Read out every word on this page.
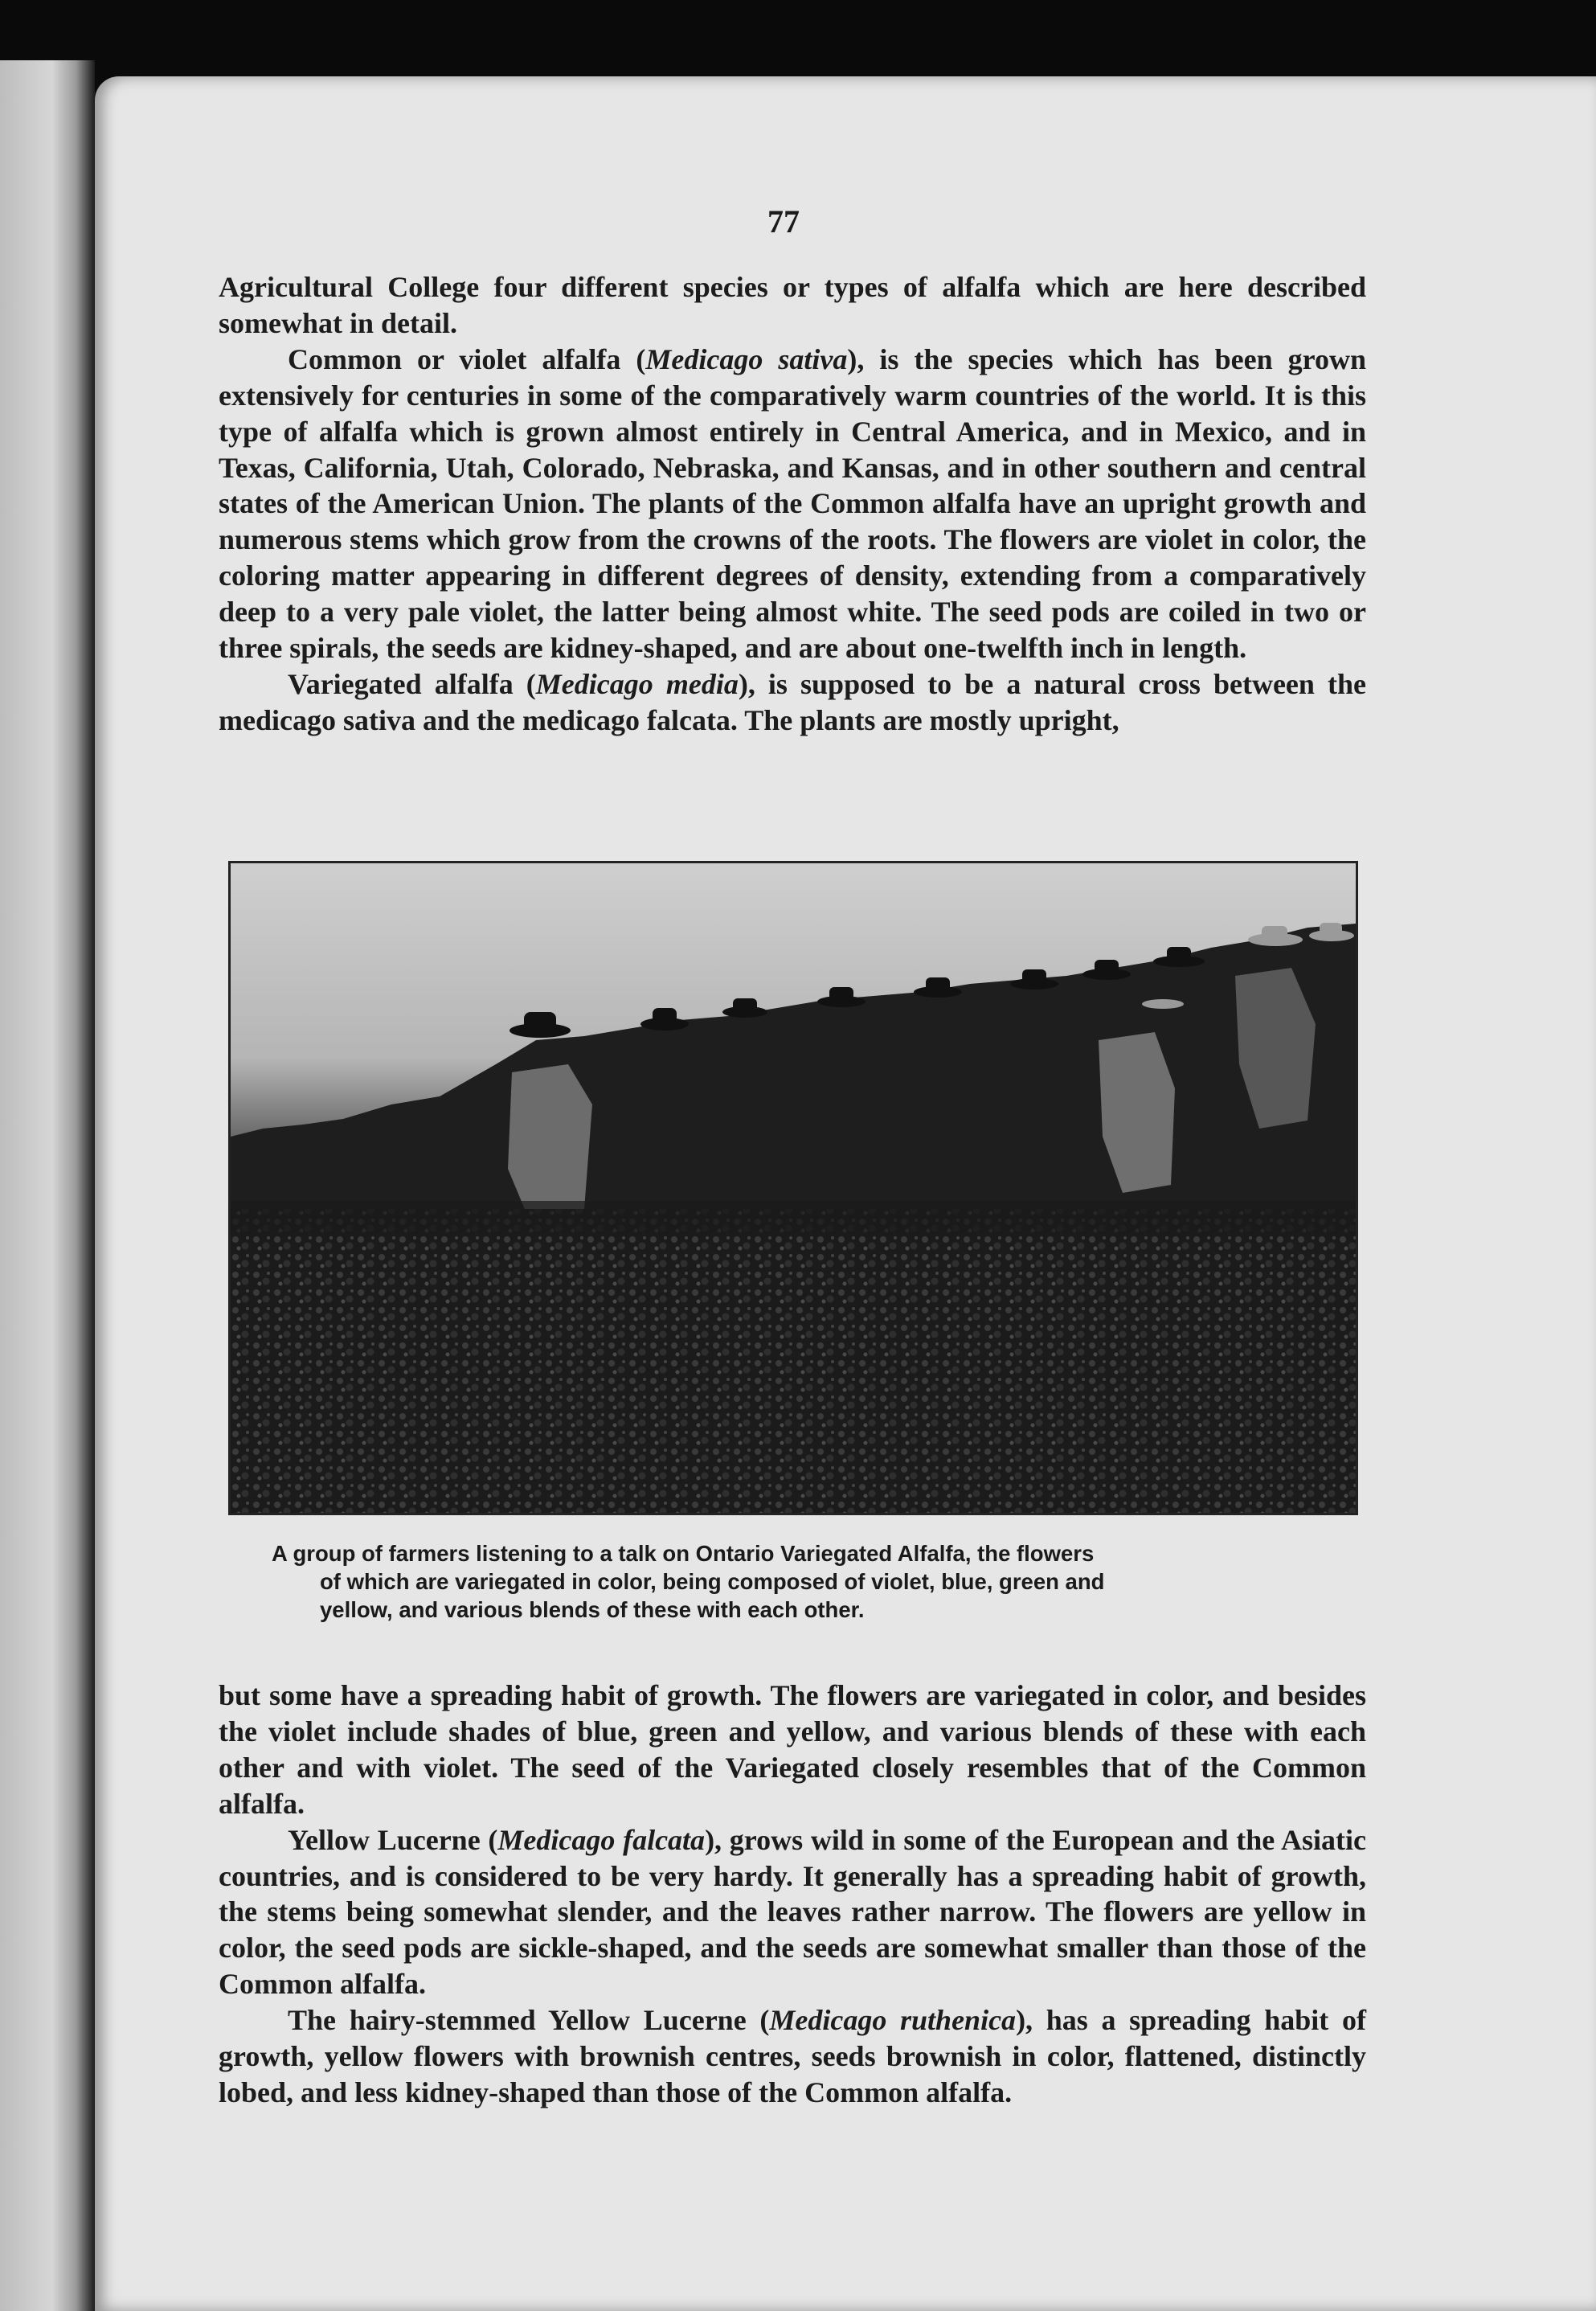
77

Agricultural College four different species or types of alfalfa which are here described somewhat in detail.

Common or violet alfalfa (Medicago sativa), is the species which has been grown extensively for centuries in some of the comparatively warm countries of the world. It is this type of alfalfa which is grown almost entirely in Central America, and in Mexico, and in Texas, California, Utah, Colorado, Nebraska, and Kansas, and in other southern and central states of the American Union. The plants of the Common alfalfa have an upright growth and numerous stems which grow from the crowns of the roots. The flowers are violet in color, the coloring matter appearing in different degrees of density, extending from a comparatively deep to a very pale violet, the latter being almost white. The seed pods are coiled in two or three spirals, the seeds are kidney-shaped, and are about one-twelfth inch in length.

Variegated alfalfa (Medicago media), is supposed to be a natural cross between the medicago sativa and the medicago falcata. The plants are mostly upright,

A group of farmers listening to a talk on Ontario Variegated Alfalfa, the flowers
of which are variegated in color, being composed of violet, blue, green and
yellow, and various blends of these with each other.

but some have a spreading habit of growth. The flowers are variegated in color, and besides the violet include shades of blue, green and yellow, and various blends of these with each other and with violet. The seed of the Variegated closely resembles that of the Common alfalfa.

Yellow Lucerne (Medicago falcata), grows wild in some of the European and the Asiatic countries, and is considered to be very hardy. It generally has a spreading habit of growth, the stems being somewhat slender, and the leaves rather narrow. The flowers are yellow in color, the seed pods are sickle-shaped, and the seeds are somewhat smaller than those of the Common alfalfa.

The hairy-stemmed Yellow Lucerne (Medicago ruthenica), has a spreading habit of growth, yellow flowers with brownish centres, seeds brownish in color, flattened, distinctly lobed, and less kidney-shaped than those of the Common alfalfa.
